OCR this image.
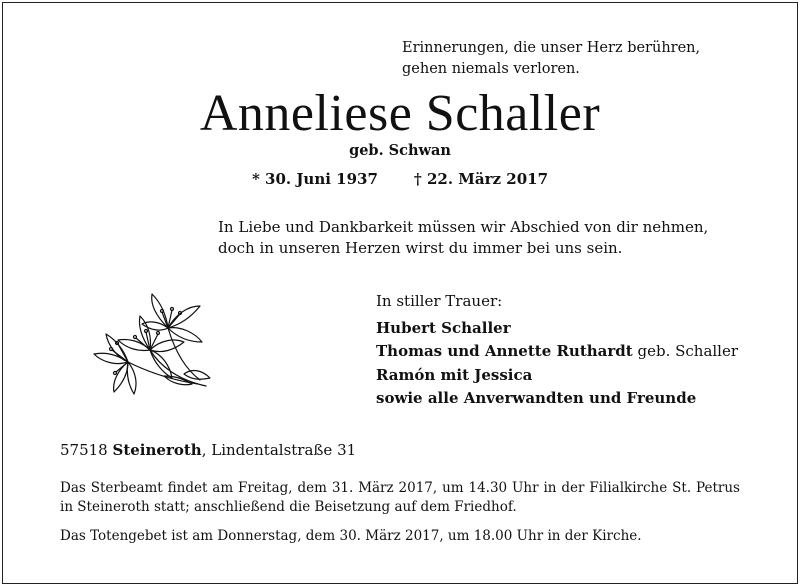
Erinnerungen, die unser Herz berühren,
gehen niemals verloren.
Anneliese Schaller
geb. Schwan
* 30. Juni 1937 † 22. März 2017
In Liebe und Dankbarkeit müssen wir Abschied von dir nehmen,
doch in unseren Herzen wirst du immer bei uns sein.
In stiller Trauer:
Hubert Schaller
Thomas und Annette Ruthardt geb. Schaller
Ramón mit Jessica
sowie alle Anverwandten und Freunde
57518 Steineroth, Lindentalstraße 31
Das Sterbeamt findet am Freitag, dem 31. März 2017, um 14.30 Uhr in der Filialkirche St. Petrus in Steineroth statt; anschließend die Beisetzung auf dem Friedhof.
Das Totengebet ist am Donnerstag, dem 30. März 2017, um 18.00 Uhr in der Kirche.
